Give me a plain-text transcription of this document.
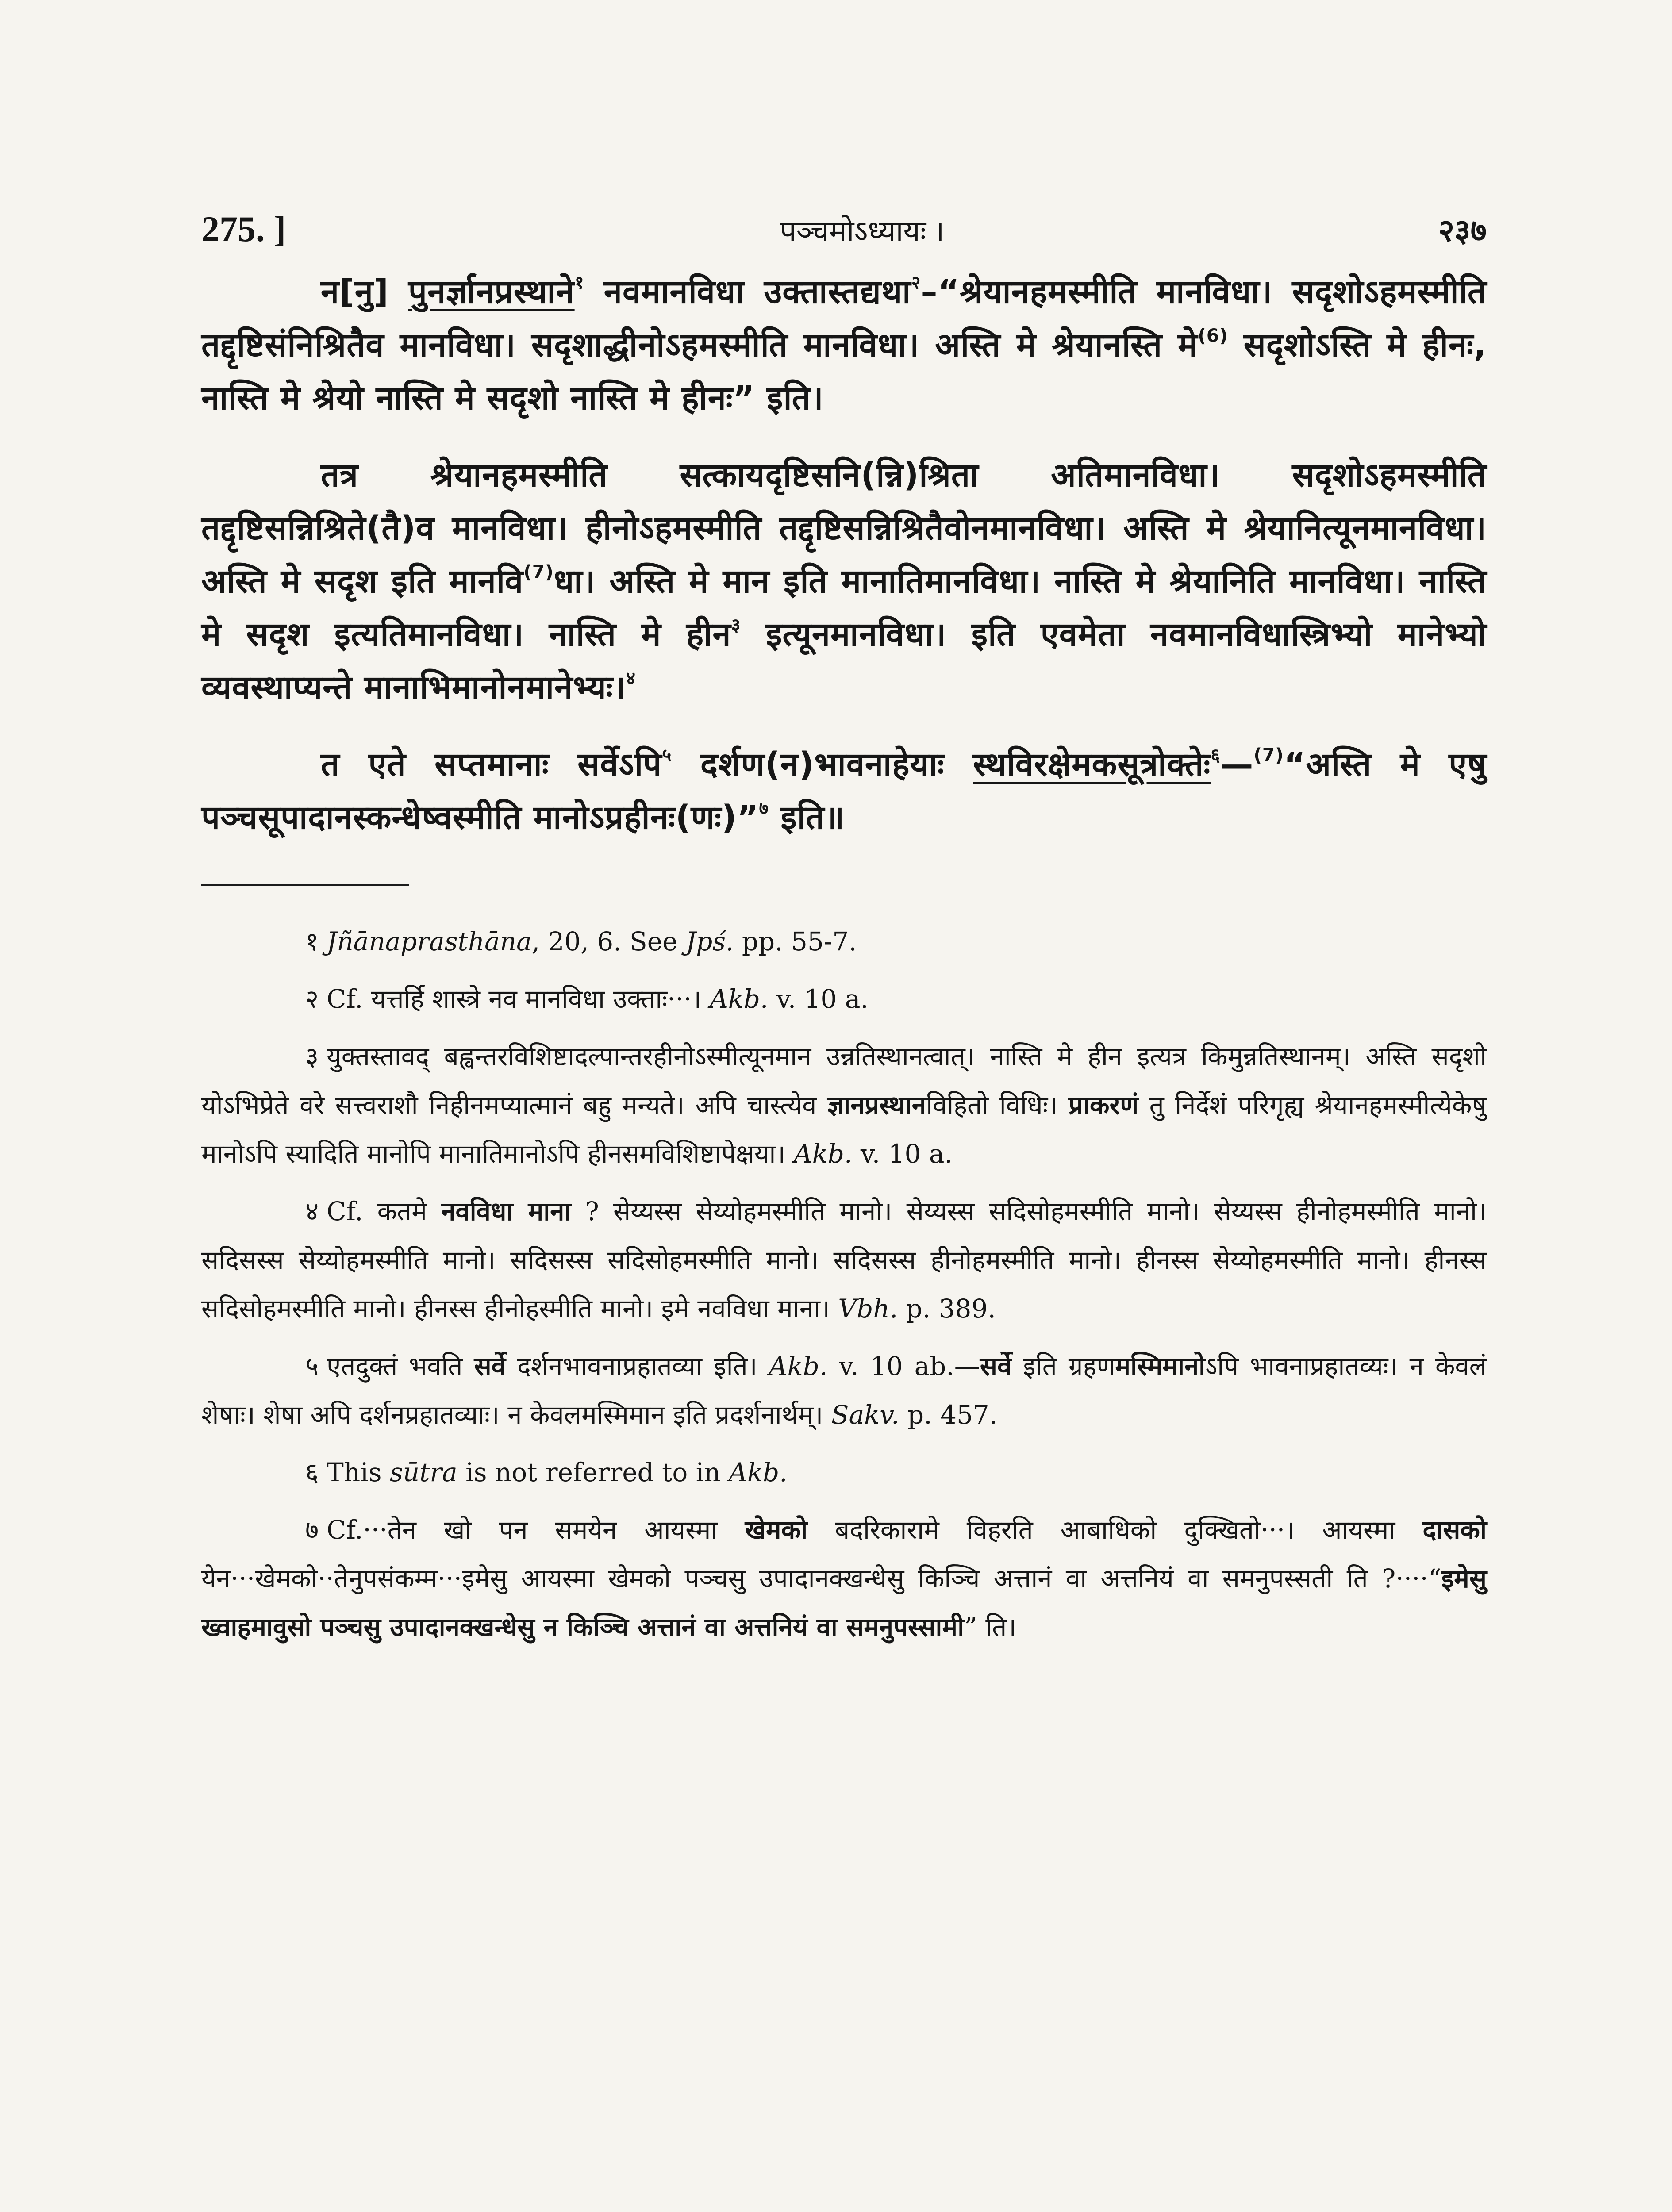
275. ]	पञ्चमोऽध्यायः ।	२३७

न[नु] पुनर्ज्ञानप्रस्थाने$^१$ नवमानविधा उक्तास्तद्यथा$^२$–“श्रेयानहमस्मीति मानविधा। सदृशोऽहमस्मीति तद्दृष्टिसंनिश्रितैव मानविधा। सदृशाद्धीनोऽहमस्मीति मानविधा। अस्ति मे श्रेयानस्ति मे$^{(6)}$ सदृशोऽस्ति मे हीनः, नास्ति मे श्रेयो नास्ति मे सदृशो नास्ति मे हीनः” इति।

तत्र श्रेयानहमस्मीति सत्कायदृष्टिसनि(न्नि)श्रिता अतिमानविधा। सदृशोऽहमस्मीति तद्दृष्टिसन्निश्रिते(तै)व मानविधा। हीनोऽहमस्मीति तद्दृष्टिसन्निश्रितैवोनमानविधा। अस्ति मे श्रेयानित्यूनमानविधा। अस्ति मे सदृश इति मानवि$^{(7)}$धा। अस्ति मे मान इति मानातिमानविधा। नास्ति मे श्रेयानिति मानविधा। नास्ति मे सदृश इत्यतिमानविधा। नास्ति मे हीन$^३$ इत्यूनमानविधा। इति एवमेता नवमानविधास्त्रिभ्यो मानेभ्यो व्यवस्थाप्यन्ते मानाभिमानोनमानेभ्यः।$^४$

त एते सप्तमानाः सर्वेऽपि$^५$ दर्शण(न)भावनाहेयाः स्थविरक्षेमकसूत्रोक्तेः$^६$—$^{(7)}$“अस्ति मे एषु पञ्चसूपादानस्कन्धेष्वस्मीति मानोऽप्रहीनः(णः)”$^७$ इति॥

१ Jñānaprasthāna, 20, 6. See Jpś. pp. 55-7.

२ Cf. यत्तर्हि शास्त्रे नव मानविधा उक्ताः···। Akb. v. 10 a.

३ युक्तस्तावद् बह्वन्तरविशिष्टादल्पान्तरहीनोऽस्मीत्यूनमान उन्नतिस्थानत्वात्। नास्ति मे हीन इत्यत्र किमुन्नतिस्थानम्। अस्ति सदृशो योऽभिप्रेते वरे सत्त्वराशौ निहीनमप्यात्मानं बहु मन्यते। अपि चास्त्येव ज्ञानप्रस्थानविहितो विधिः। प्राकरणं तु निर्देशं परिगृह्य श्रेयानहमस्मीत्येकेषु मानोऽपि स्यादिति मानोपि मानातिमानोऽपि हीनसमविशिष्टापेक्षया। Akb. v. 10 a.

४ Cf. कतमे नवविधा माना ? सेय्यस्स सेय्योहमस्मीति मानो। सेय्यस्स सदिसोहमस्मीति मानो। सेय्यस्स हीनोहमस्मीति मानो। सदिसस्स सेय्योहमस्मीति मानो। सदिसस्स सदिसोहमस्मीति मानो। सदिसस्स हीनोहमस्मीति मानो। हीनस्स सेय्योहमस्मीति मानो। हीनस्स सदिसोहमस्मीति मानो। हीनस्स हीनोहस्मीति मानो। इमे नवविधा माना। Vbh. p. 389.

५ एतदुक्तं भवति सर्वे दर्शनभावनाप्रहातव्या इति। Akb. v. 10 ab.—सर्वे इति ग्रहणमस्मिमानोऽपि भावनाप्रहातव्यः। न केवलं शेषाः। शेषा अपि दर्शनप्रहातव्याः। न केवलमस्मिमान इति प्रदर्शनार्थम्। Sakv. p. 457.

६ This sūtra is not referred to in Akb.

७ Cf.···तेन खो पन समयेन आयस्मा खेमको बदरिकारामे विहरति आबाधिको दुक्खितो···। आयस्मा दासको येन···खेमको··तेनुपसंकम्म···इमेसु आयस्मा खेमको पञ्चसु उपादानक्खन्धेसु किञ्चि अत्तानं वा अत्तनियं वा समनुपस्सती ति ?····“इमेसु ख्वाहमावुसो पञ्चसु उपादानक्खन्धेसु न किञ्चि अत्तानं वा अत्तनियं वा समनुपस्सामी” ति।
